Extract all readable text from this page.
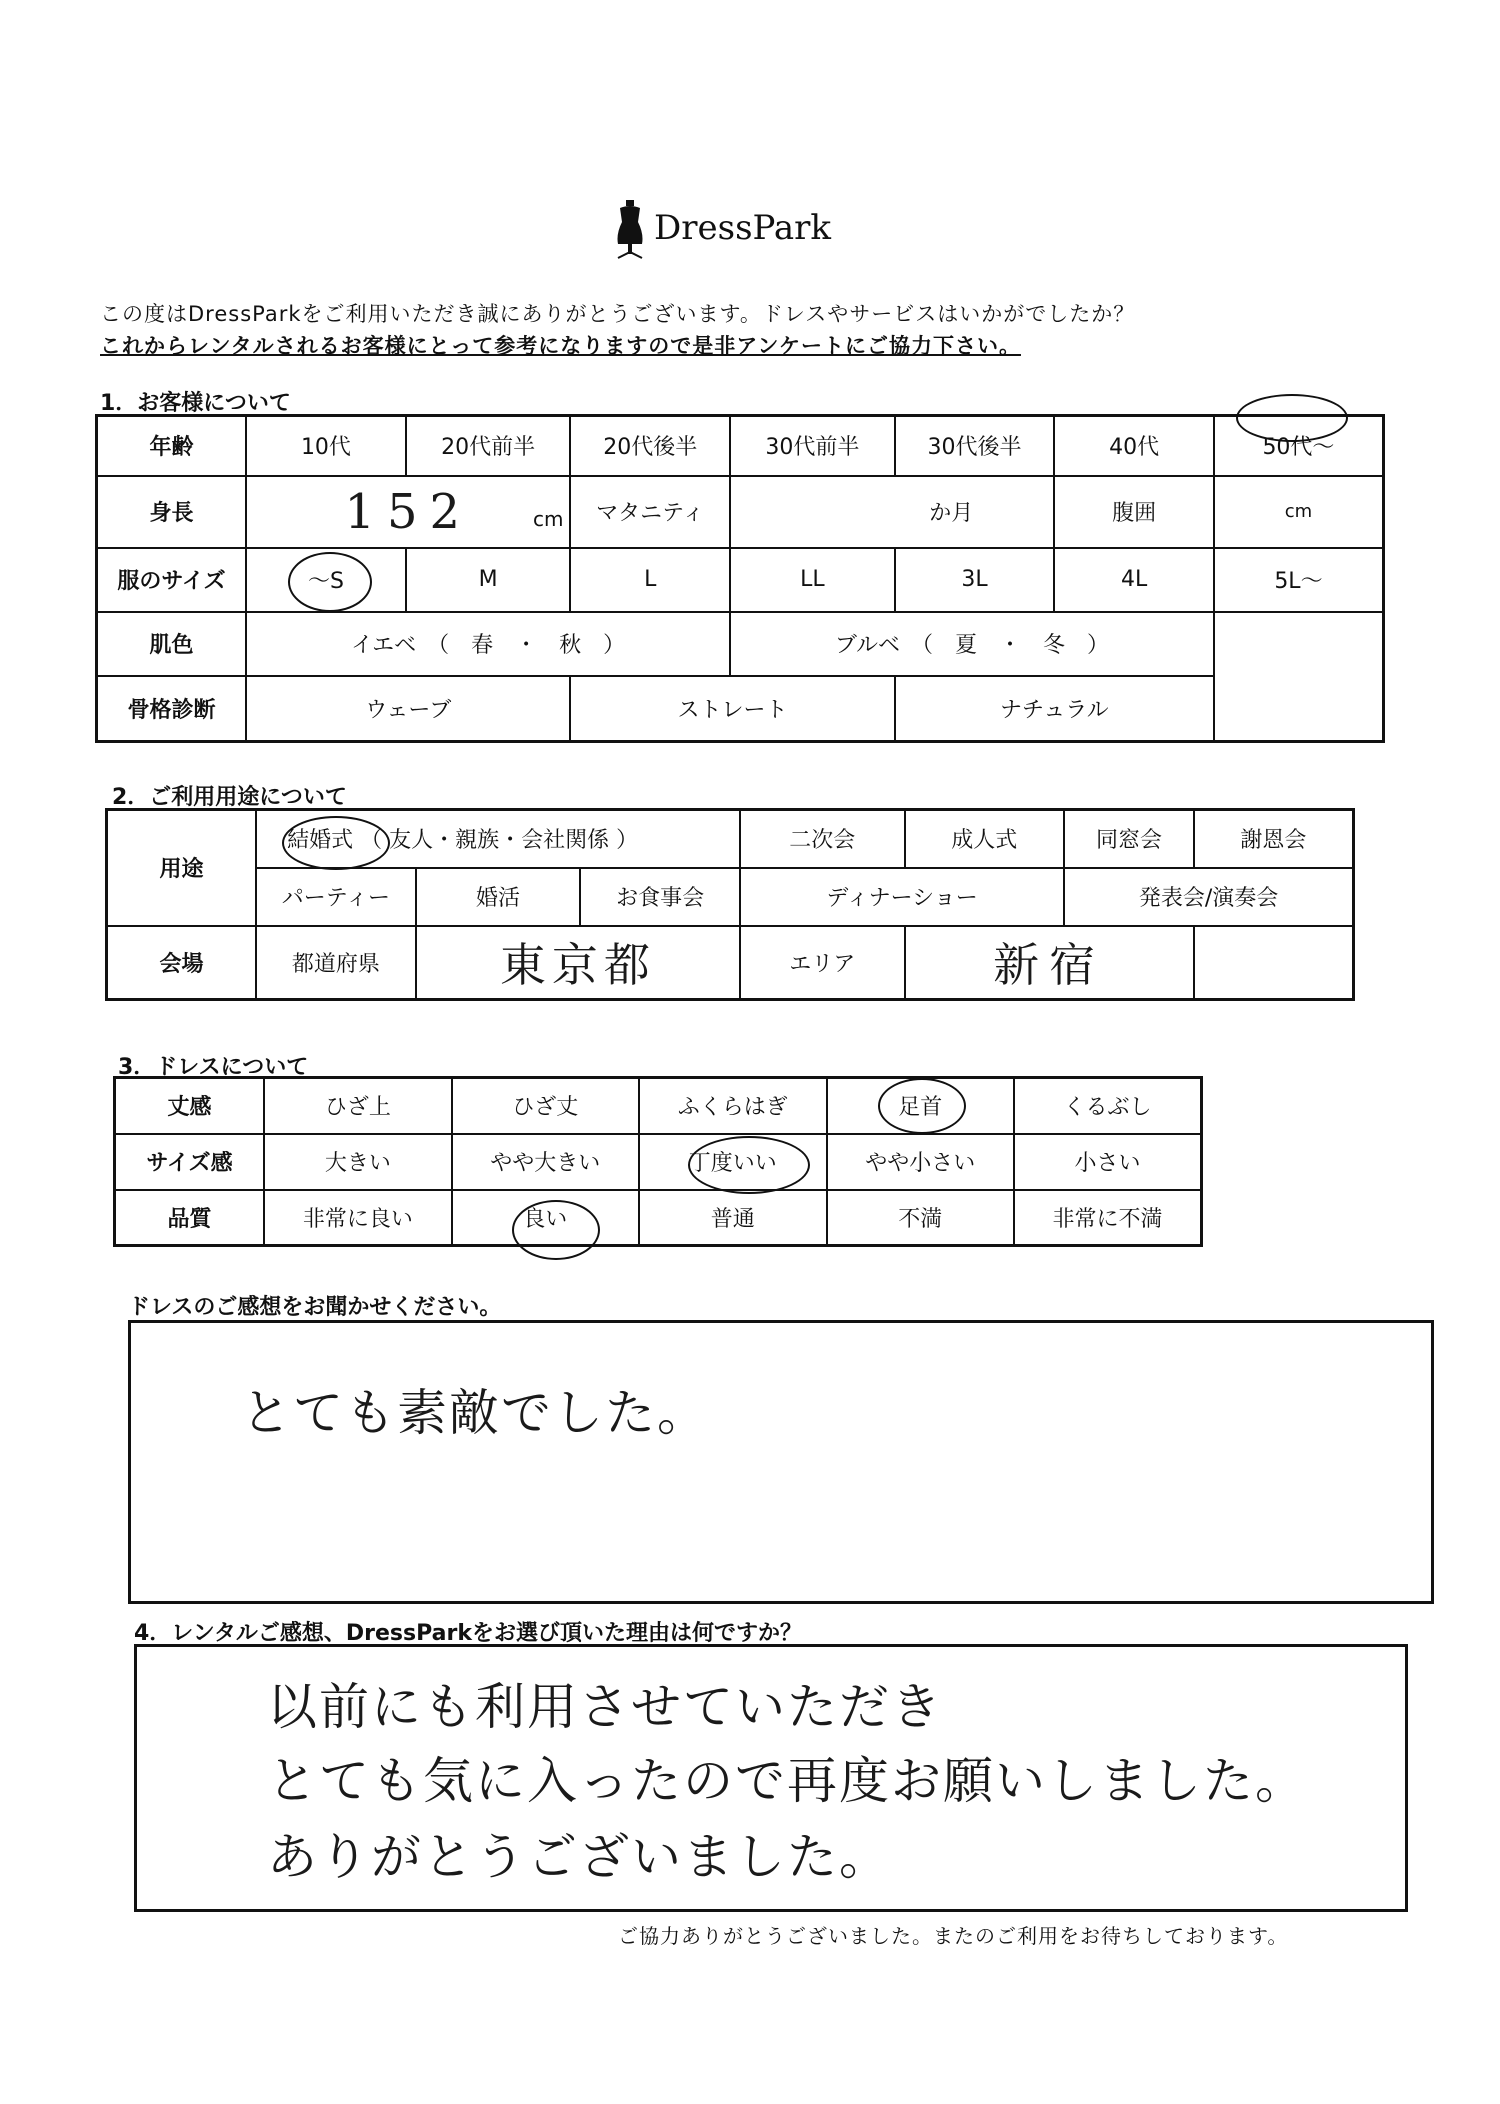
DressPark
この度はDressParkをご利用いただき誠にありがとうございます。ドレスやサービスはいかがでしたか？
これからレンタルされるお客様にとって参考になりますので是非アンケートにご協力下さい。
1．お客様について
年齢	10代	20代前半	20代後半	30代前半	30代後半	40代	50代～
身長	152 cm		マタニティ	か月		腹囲	cm
服のサイズ	～S	M	L	LL	3L	4L	5L～
肌色	イエベ　（　春　・　秋　）			ブルベ　（　夏　・　冬　）			
骨格診断	ウェーブ		ストレート		ナチュラル		
2．ご利用用途について
用途	結婚式 （ 友人・親族・会社関係 ）			二次会	成人式	同窓会	謝恩会
	パーティー	婚活	お食事会	ディナーショー		発表会/演奏会	
会場	都道府県	東京都		エリア	新宿		
3．ドレスについて
丈感	ひざ上	ひざ丈	ふくらはぎ	足首	くるぶし
サイズ感	大きい	やや大きい	丁度いい	やや小さい	小さい
品質	非常に良い	良い	普通	不満	非常に不満
ドレスのご感想をお聞かせください。
とても素敵でした。
4．レンタルご感想、DressParkをお選び頂いた理由は何ですか？
以前にも利用させていただき
とても気に入ったので再度お願いしました。
ありがとうございました。
ご協力ありがとうございました。またのご利用をお待ちしております。
